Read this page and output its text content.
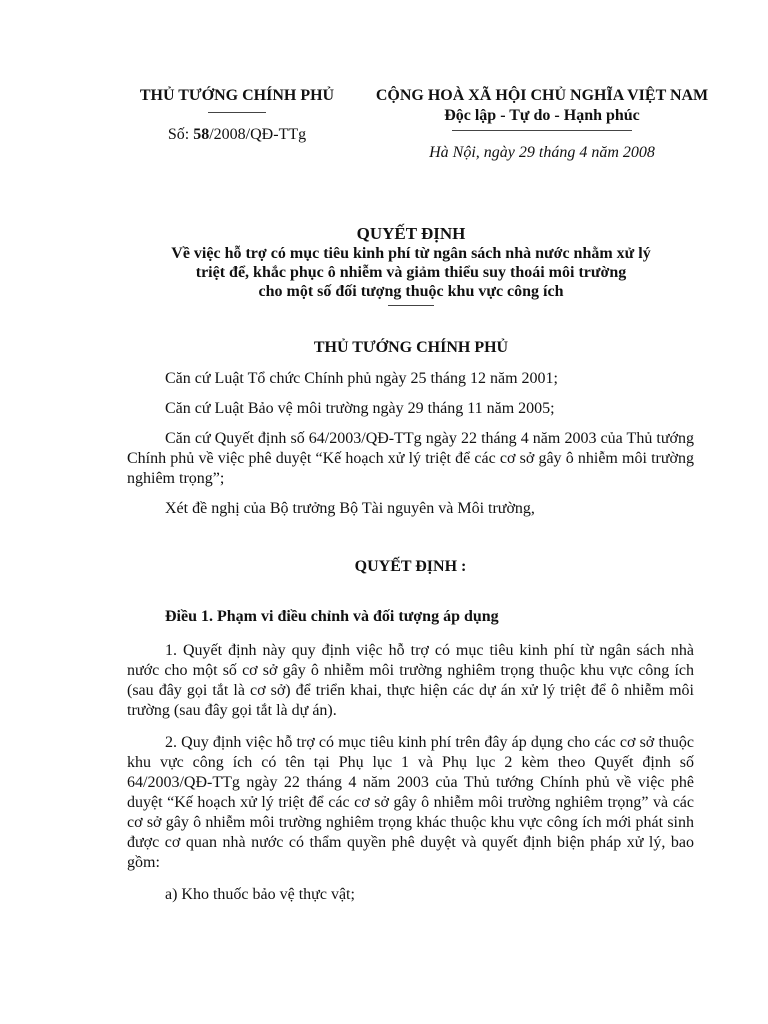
THỦ TƯỚNG CHÍNH PHỦ
Số: 58/2008/QĐ-TTg
CỘNG HOÀ XÃ HỘI CHỦ NGHĨA VIỆT NAM
Độc lập - Tự do - Hạnh phúc
Hà Nội, ngày 29 tháng 4 năm 2008
QUYẾT ĐỊNH
Về việc hỗ trợ có mục tiêu kinh phí từ ngân sách nhà nước nhằm xử lý
triệt để, khắc phục ô nhiễm và giảm thiểu suy thoái môi trường
cho một số đối tượng thuộc khu vực công ích
THỦ TƯỚNG CHÍNH PHỦ

Căn cứ Luật Tổ chức Chính phủ ngày 25 tháng 12 năm 2001;

Căn cứ Luật Bảo vệ môi trường ngày 29 tháng 11 năm 2005;

Căn cứ Quyết định số 64/2003/QĐ-TTg ngày 22 tháng 4 năm 2003 của Thủ tướng Chính phủ về việc phê duyệt “Kế hoạch xử lý triệt để các cơ sở gây ô nhiễm môi trường nghiêm trọng”;

Xét đề nghị của Bộ trưởng Bộ Tài nguyên và Môi trường,

QUYẾT ĐỊNH :

Điều 1. Phạm vi điều chỉnh và đối tượng áp dụng

1. Quyết định này quy định việc hỗ trợ có mục tiêu kinh phí từ ngân sách nhà nước cho một số cơ sở gây ô nhiễm môi trường nghiêm trọng thuộc khu vực công ích (sau đây gọi tắt là cơ sở) để triển khai, thực hiện các dự án xử lý triệt để ô nhiễm môi trường (sau đây gọi tắt là dự án).

2. Quy định việc hỗ trợ có mục tiêu kinh phí trên đây áp dụng cho các cơ sở thuộc khu vực công ích có tên tại Phụ lục 1 và Phụ lục 2 kèm theo Quyết định số 64/2003/QĐ-TTg ngày 22 tháng 4 năm 2003 của Thủ tướng Chính phủ về việc phê duyệt “Kế hoạch xử lý triệt để các cơ sở gây ô nhiễm môi trường nghiêm trọng” và các cơ sở gây ô nhiễm môi trường nghiêm trọng khác thuộc khu vực công ích mới phát sinh được cơ quan nhà nước có thẩm quyền phê duyệt và quyết định biện pháp xử lý, bao gồm:

a) Kho thuốc bảo vệ thực vật;
